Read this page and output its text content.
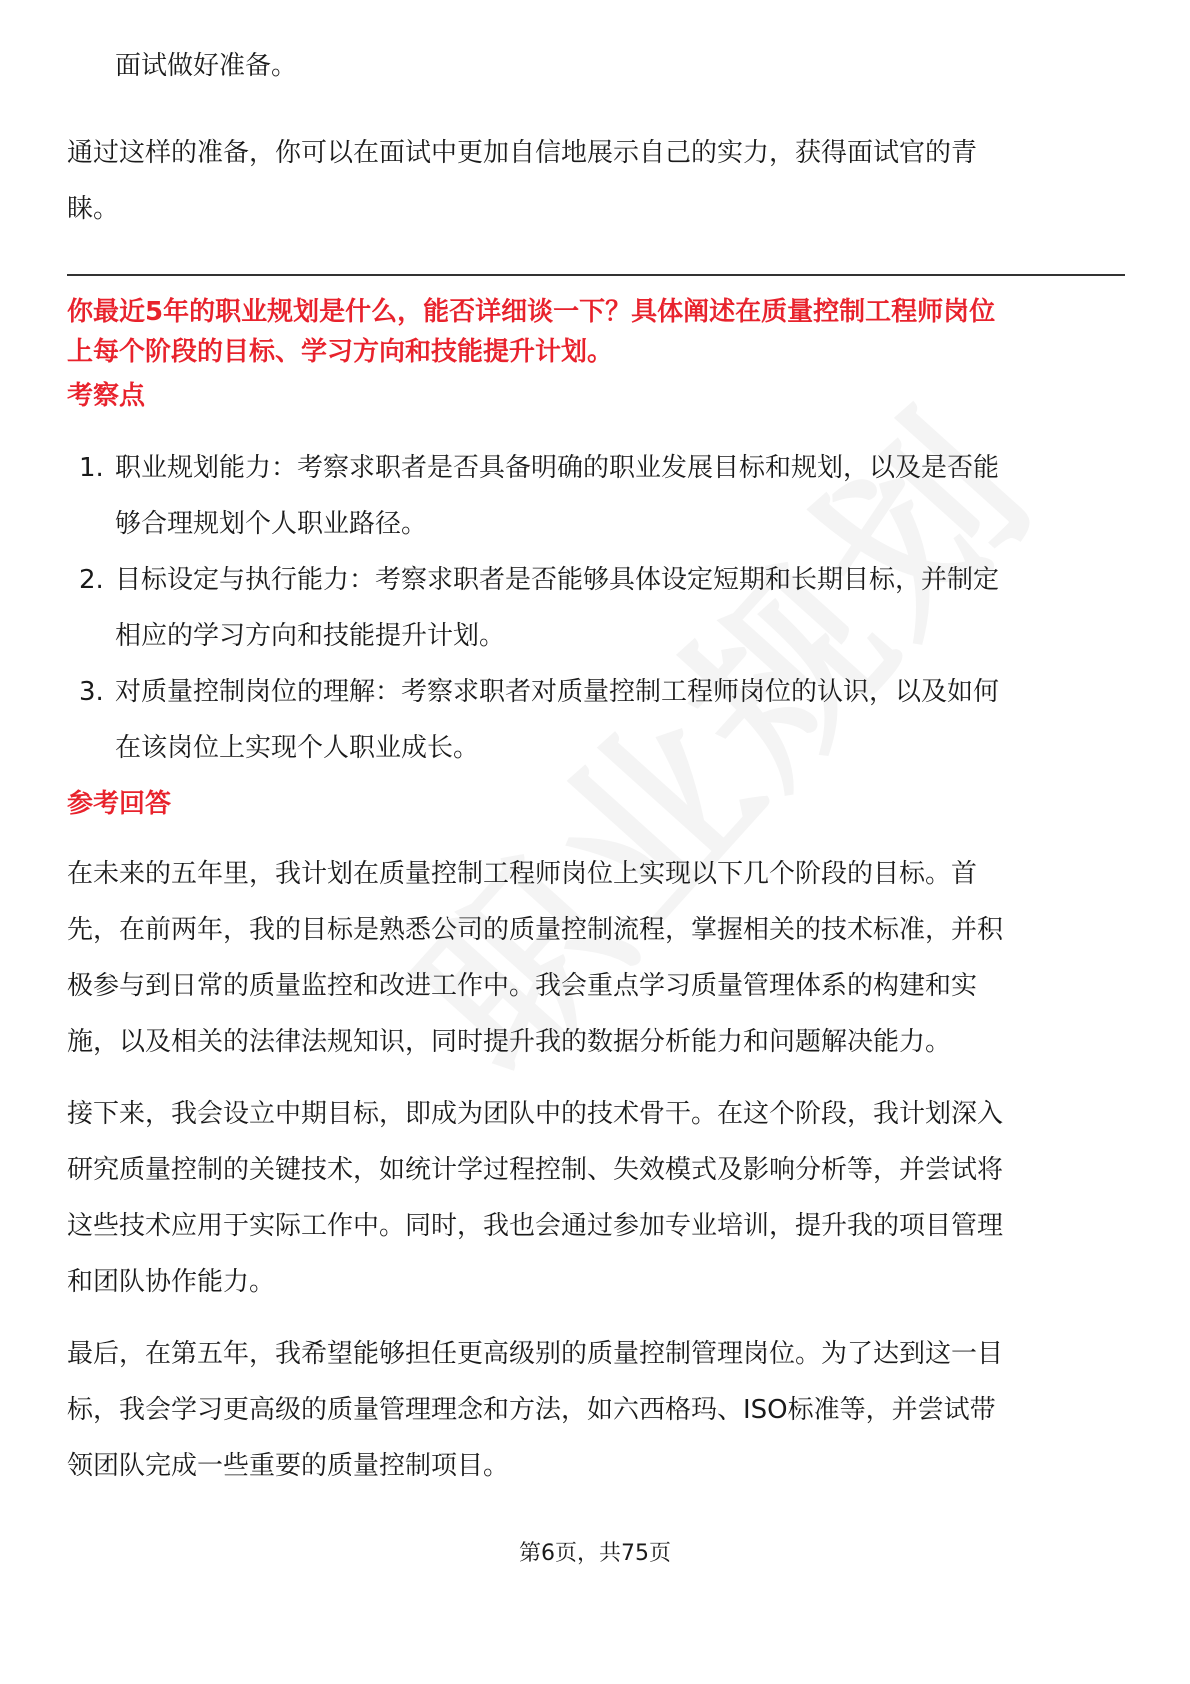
面试做好准备。

通过这样的准备，你可以在面试中更加自信地展示自己的实力，获得面试官的青

睐。

你最近5年的职业规划是什么，能否详细谈一下？具体阐述在质量控制工程师岗位
上每个阶段的目标、学习方向和技能提升计划。
考察点
1. 职业规划能力：考察求职者是否具备明确的职业发展目标和规划，以及是否能
够合理规划个人职业路径。
2. 目标设定与执行能力：考察求职者是否能够具体设定短期和长期目标，并制定
相应的学习方向和技能提升计划。
3. 对质量控制岗位的理解：考察求职者对质量控制工程师岗位的认识，以及如何
在该岗位上实现个人职业成长。
参考回答

在未来的五年里，我计划在质量控制工程师岗位上实现以下几个阶段的目标。首

先，在前两年，我的目标是熟悉公司的质量控制流程，掌握相关的技术标准，并积

极参与到日常的质量监控和改进工作中。我会重点学习质量管理体系的构建和实

施，以及相关的法律法规知识，同时提升我的数据分析能力和问题解决能力。

接下来，我会设立中期目标，即成为团队中的技术骨干。在这个阶段，我计划深入

研究质量控制的关键技术，如统计学过程控制、失效模式及影响分析等，并尝试将

这些技术应用于实际工作中。同时，我也会通过参加专业培训，提升我的项目管理

和团队协作能力。

最后，在第五年，我希望能够担任更高级别的质量控制管理岗位。为了达到这一目

标，我会学习更高级的质量管理理念和方法，如六西格玛、ISO标准等，并尝试带

领团队完成一些重要的质量控制项目。

第6页，共75页
